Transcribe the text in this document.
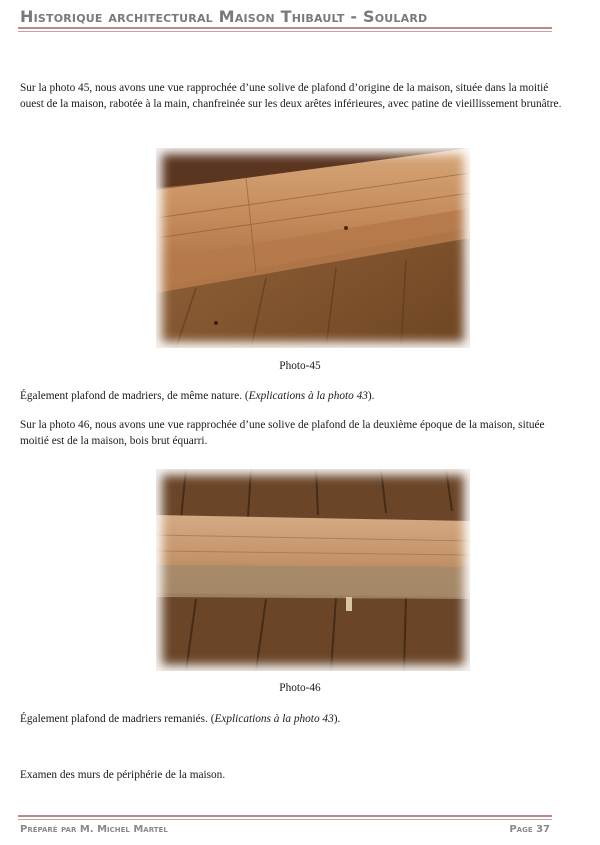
Historique architectural Maison Thibault - Soulard

Sur la photo 45, nous avons une vue rapprochée d’une solive de plafond d’origine de la maison, située dans la moitié ouest de la maison, rabotée à la main, chanfreinée sur les deux arêtes inférieures, avec patine de vieillissement brunâtre.

Photo-45

Également plafond de madriers, de même nature. (Explications à la photo 43).

Sur la photo 46, nous avons une vue rapprochée d’une solive de plafond de la deuxième époque de la maison, située moitié est de la maison, bois brut équarri.

Photo-46

Également plafond de madriers remaniés. (Explications à la photo 43).

Examen des murs de périphérie de la maison.

Préparé par M. Michel Martel	Page 37
